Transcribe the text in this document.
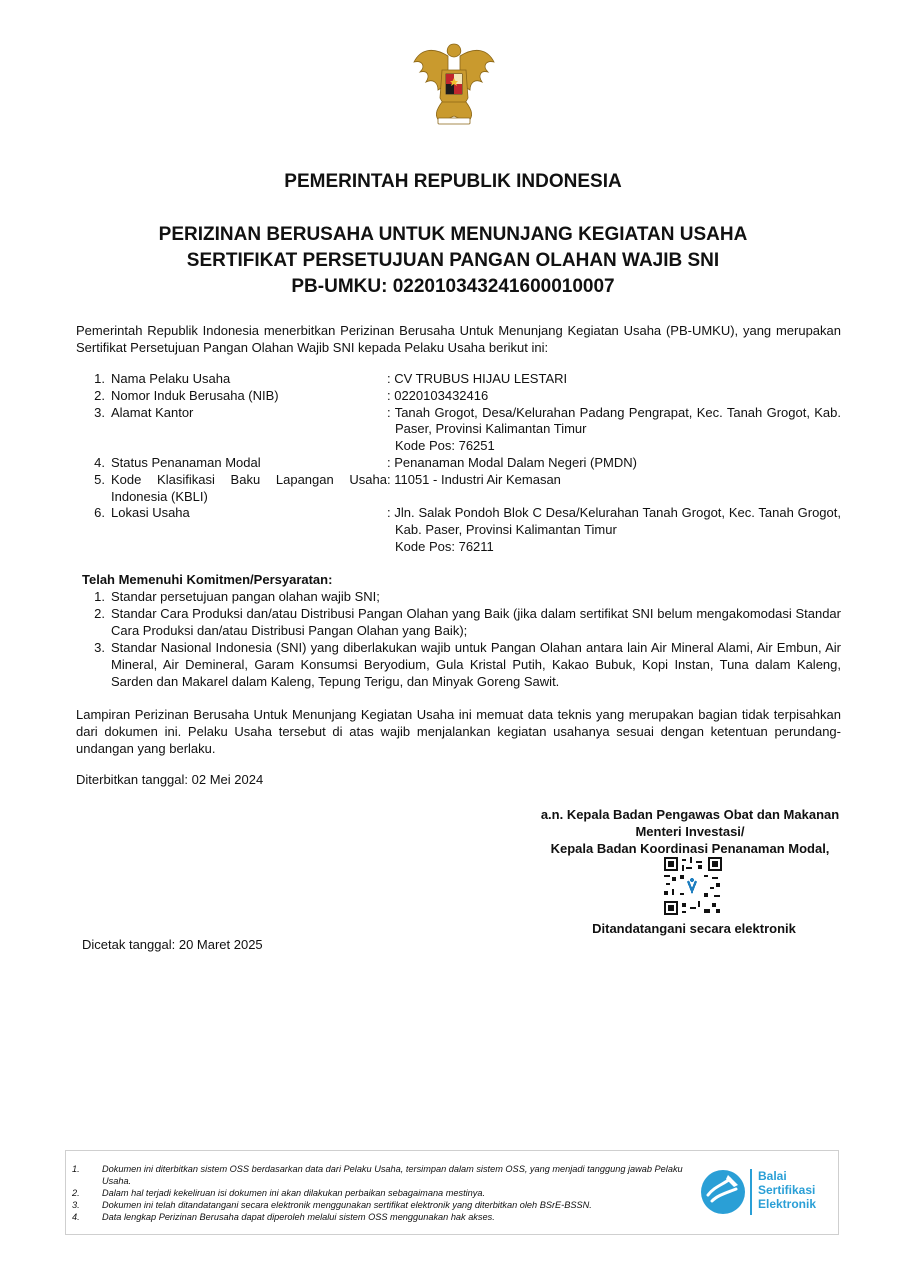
PEMERINTAH REPUBLIK INDONESIA
PERIZINAN BERUSAHA UNTUK MENUNJANG KEGIATAN USAHA
SERTIFIKAT PERSETUJUAN PANGAN OLAHAN WAJIB SNI
PB-UMKU: 022010343241600010007
Pemerintah Republik Indonesia menerbitkan Perizinan Berusaha Untuk Menunjang Kegiatan Usaha (PB-UMKU), yang merupakan Sertifikat Persetujuan Pangan Olahan Wajib SNI kepada Pelaku Usaha berikut ini:
1. Nama Pelaku Usaha	: CV TRUBUS HIJAU LESTARI
2. Nomor Induk Berusaha (NIB)	: 0220103432416
3. Alamat Kantor	: Tanah Grogot, Desa/Kelurahan Padang Pengrapat, Kec. Tanah Grogot, Kab. Paser, Provinsi Kalimantan Timur
Kode Pos: 76251
4. Status Penanaman Modal	: Penanaman Modal Dalam Negeri (PMDN)
5. Kode Klasifikasi Baku Lapangan Usaha Indonesia (KBLI)
: 11051 - Industri Air Kemasan
6. Lokasi Usaha	: Jln. Salak Pondoh Blok C Desa/Kelurahan Tanah Grogot, Kec. Tanah Grogot, Kab. Paser, Provinsi Kalimantan Timur
Kode Pos: 76211
Telah Memenuhi Komitmen/Persyaratan:
1. Standar persetujuan pangan olahan wajib SNI;
2. Standar Cara Produksi dan/atau Distribusi Pangan Olahan yang Baik (jika dalam sertifikat SNI belum mengakomodasi Standar Cara Produksi dan/atau Distribusi Pangan Olahan yang Baik);
3. Standar Nasional Indonesia (SNI) yang diberlakukan wajib untuk Pangan Olahan antara lain Air Mineral Alami, Air Embun, Air Mineral, Air Demineral, Garam Konsumsi Beryodium, Gula Kristal Putih, Kakao Bubuk, Kopi Instan, Tuna dalam Kaleng, Sarden dan Makarel dalam Kaleng, Tepung Terigu, dan Minyak Goreng Sawit.
Lampiran Perizinan Berusaha Untuk Menunjang Kegiatan Usaha ini memuat data teknis yang merupakan bagian tidak terpisahkan dari dokumen ini. Pelaku Usaha tersebut di atas wajib menjalankan kegiatan usahanya sesuai dengan ketentuan perundang-undangan yang berlaku.
Diterbitkan tanggal: 02 Mei 2024
a.n. Kepala Badan Pengawas Obat dan Makanan
Menteri Investasi/
Kepala Badan Koordinasi Penanaman Modal,
Ditandatangani secara elektronik
Dicetak tanggal: 20 Maret 2025
1.	Dokumen ini diterbitkan sistem OSS berdasarkan data dari Pelaku Usaha, tersimpan dalam sistem OSS, yang menjadi tanggung jawab Pelaku Usaha.
2.	Dalam hal terjadi kekeliruan isi dokumen ini akan dilakukan perbaikan sebagaimana mestinya.
3.	Dokumen ini telah ditandatangani secara elektronik menggunakan sertifikat elektronik yang diterbitkan oleh BSrE-BSSN.
4.	Data lengkap Perizinan Berusaha dapat diperoleh melalui sistem OSS menggunakan hak akses.
Balai
Sertifikasi
Elektronik
